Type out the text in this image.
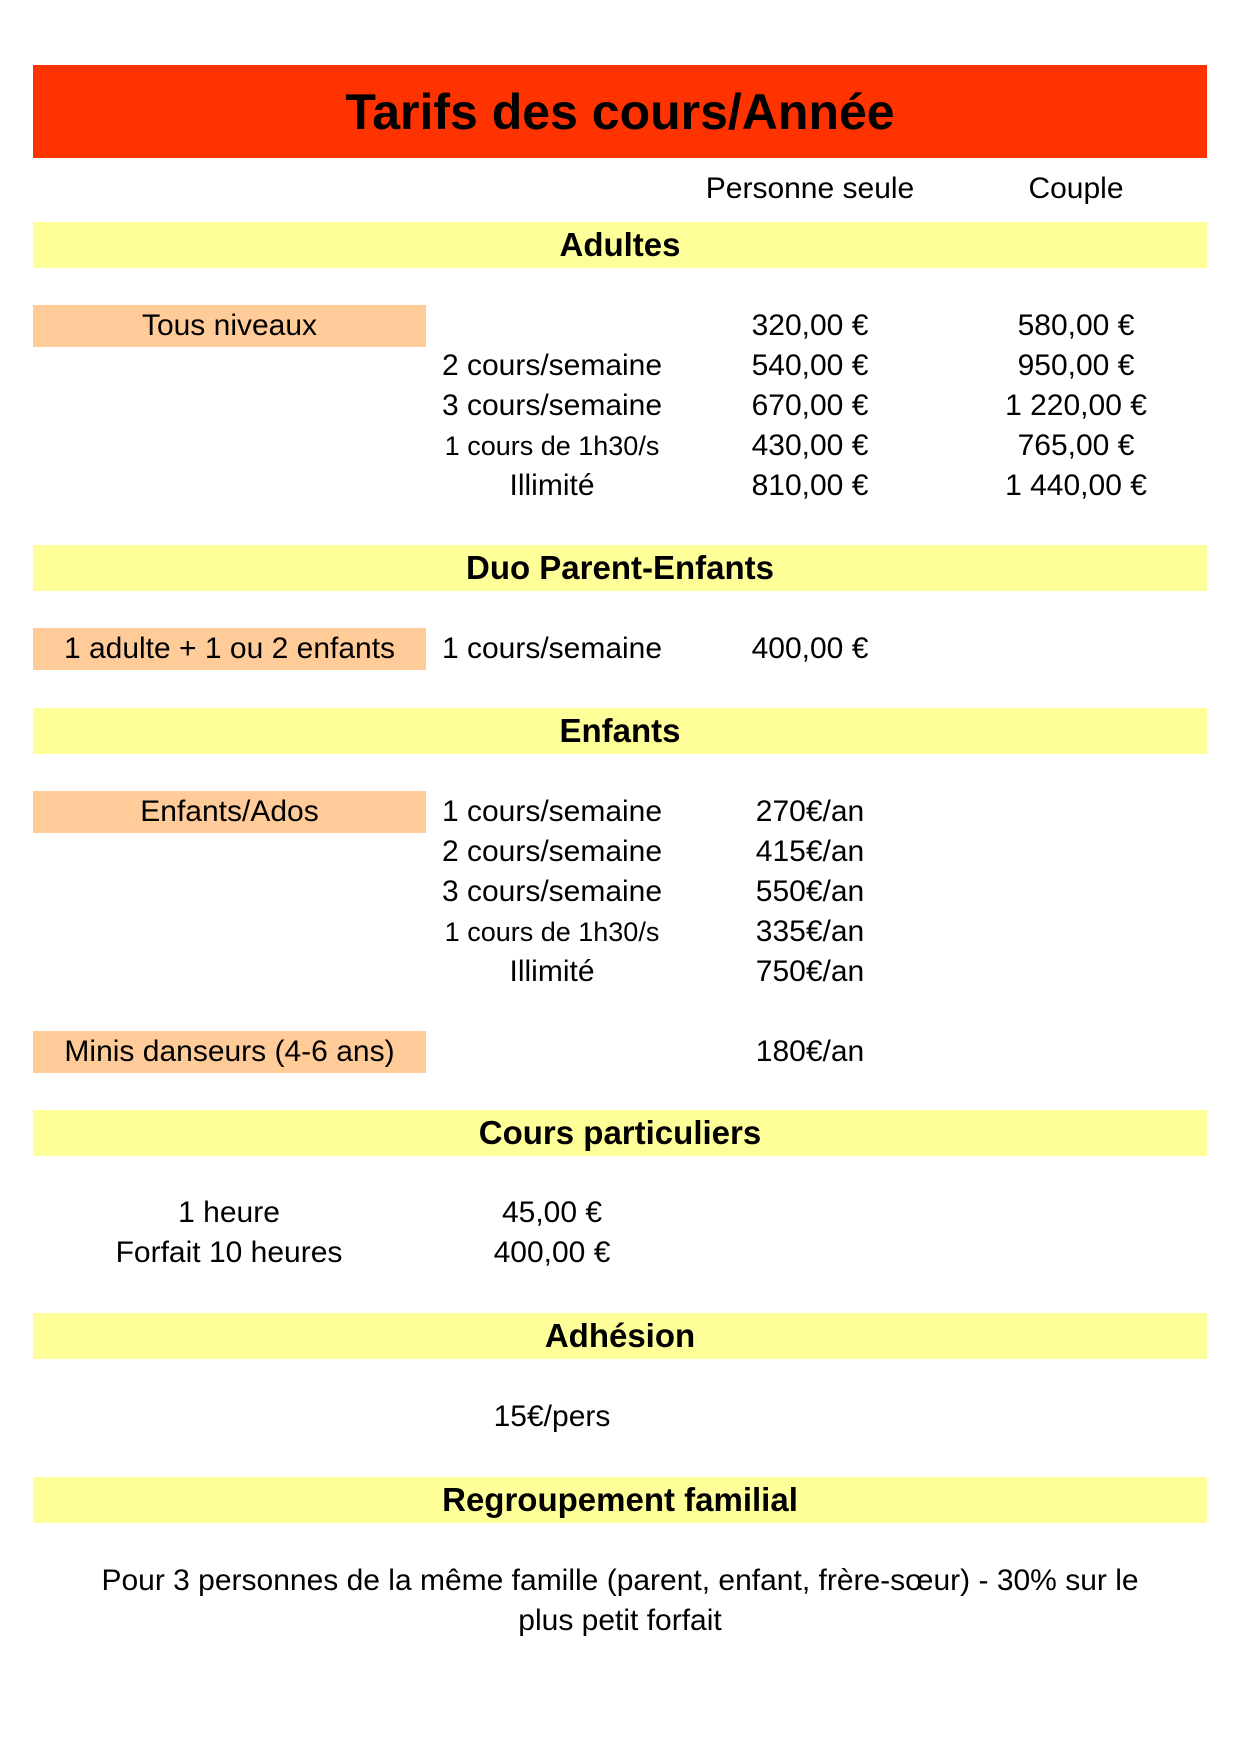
Tarifs des cours/Année
Personne seule	Couple
Adultes
Tous niveaux	320,00 €	580,00 €
2 cours/semaine	540,00 €	950,00 €
3 cours/semaine	670,00 €	1 220,00 €
1 cours de 1h30/s	430,00 €	765,00 €
Illimité	810,00 €	1 440,00 €
Duo Parent-Enfants
1 adulte + 1 ou 2 enfants	1 cours/semaine	400,00 €
Enfants
Enfants/Ados	1 cours/semaine	270€/an
2 cours/semaine	415€/an
3 cours/semaine	550€/an
1 cours de 1h30/s	335€/an
Illimité	750€/an
Minis danseurs (4-6 ans)	180€/an
Cours particuliers
1 heure	45,00 €
Forfait 10 heures	400,00 €
Adhésion
15€/pers
Regroupement familial
Pour 3 personnes de la même famille (parent, enfant, frère-sœur) - 30% sur le
plus petit forfait
